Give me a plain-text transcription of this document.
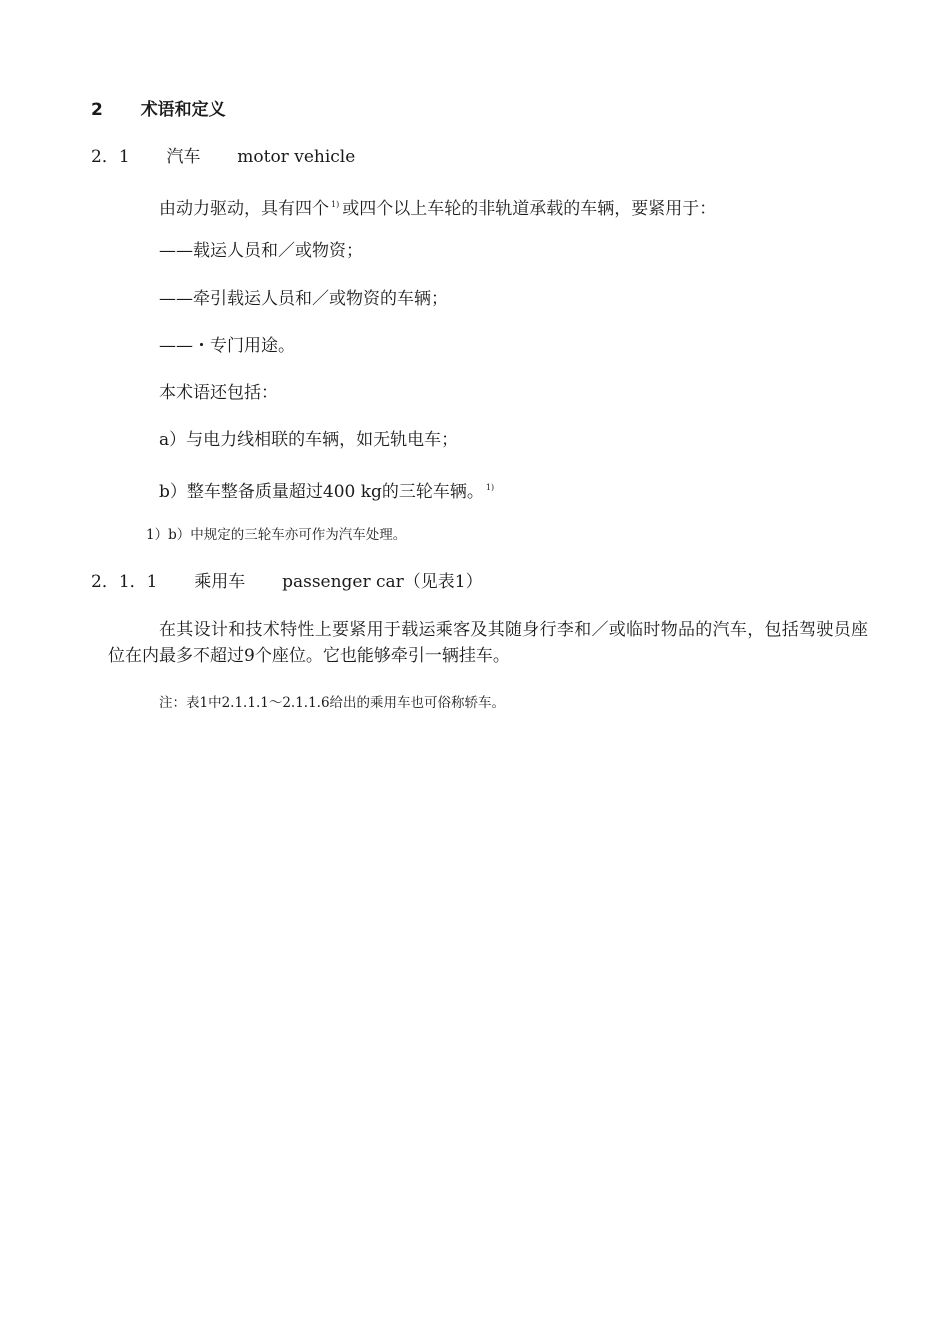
2 术语和定义
2．1 汽车 motor vehicle
由动力驱动，具有四个 $^{1)}$ 或四个以上车轮的非轨道承载的车辆，要紧用于：
——载运人员和／或物资；
——牵引载运人员和／或物资的车辆；
——・专门用途。
本术语还包括：
a）与电力线相联的车辆，如无轨电车；
b）整车整备质量超过400 kg的三轮车辆。 $^{1)}$
1）b）中规定的三轮车亦可作为汽车处理。
2．1．1 乘用车 passenger car（见表1）
在其设计和技术特性上要紧用于载运乘客及其随身行李和／或临时物品的汽车，包括驾驶员座位在内最多不超过9个座位。它也能够牵引一辆挂车。
注：表1中2.1.1.1～2.1.1.6给出的乘用车也可俗称轿车。
